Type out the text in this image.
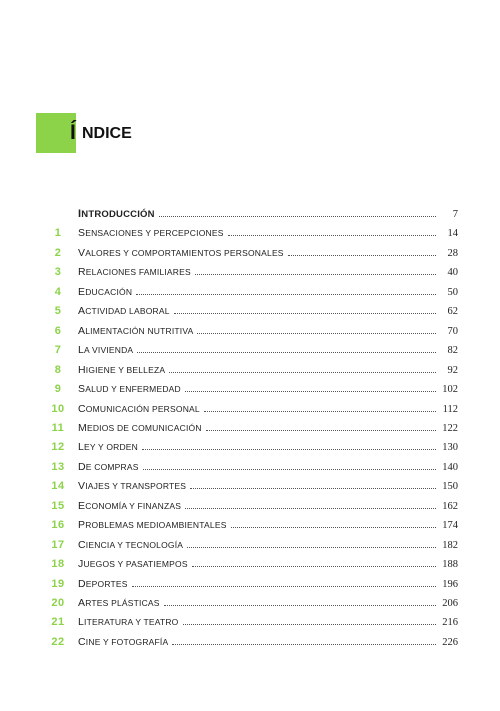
Í NDICE
INTRODUCCIÓN	7
1	SENSACIONES Y PERCEPCIONES	14
2	VALORES Y COMPORTAMIENTOS PERSONALES	28
3	RELACIONES FAMILIARES	40
4	EDUCACIÓN	50
5	ACTIVIDAD LABORAL	62
6	ALIMENTACIÓN NUTRITIVA	70
7	LA VIVIENDA	82
8	HIGIENE Y BELLEZA	92
9	SALUD Y ENFERMEDAD	102
10	COMUNICACIÓN PERSONAL	112
11	MEDIOS DE COMUNICACIÓN	122
12	LEY Y ORDEN	130
13	DE COMPRAS	140
14	VIAJES Y TRANSPORTES	150
15	ECONOMÍA Y FINANZAS	162
16	PROBLEMAS MEDIOAMBIENTALES	174
17	CIENCIA Y TECNOLOGÍA	182
18	JUEGOS Y PASATIEMPOS	188
19	DEPORTES	196
20	ARTES PLÁSTICAS	206
21	LITERATURA Y TEATRO	216
22	CINE Y FOTOGRAFÍA	226
